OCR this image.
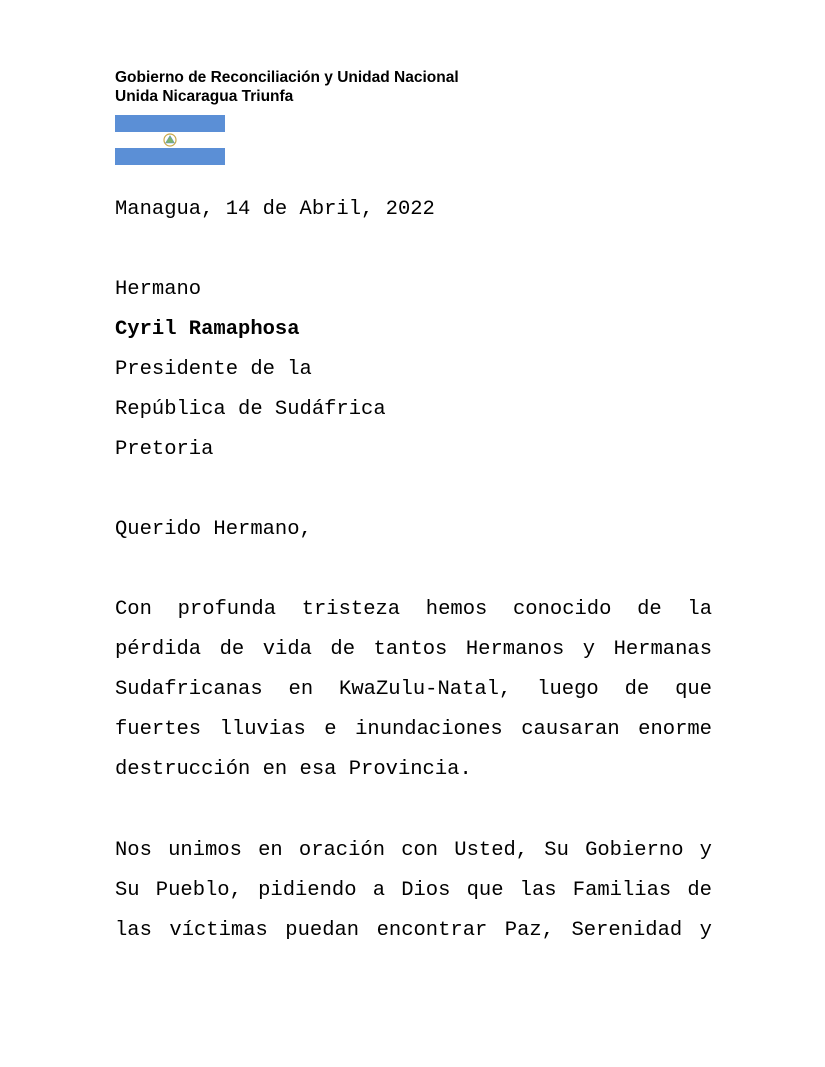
Gobierno de Reconciliación y Unidad Nacional
Unida Nicaragua Triunfa
Managua, 14 de Abril, 2022
Hermano
Cyril Ramaphosa
Presidente de la
República de Sudáfrica
Pretoria
Querido Hermano,
Con profunda tristeza hemos conocido de la
pérdida de vida de tantos Hermanos y Hermanas
Sudafricanas en KwaZulu-Natal, luego de que
fuertes lluvias e inundaciones causaran enorme
destrucción en esa Provincia.
Nos unimos en oración con Usted, Su Gobierno y
Su Pueblo, pidiendo a Dios que las Familias de
las víctimas puedan encontrar Paz, Serenidad y
